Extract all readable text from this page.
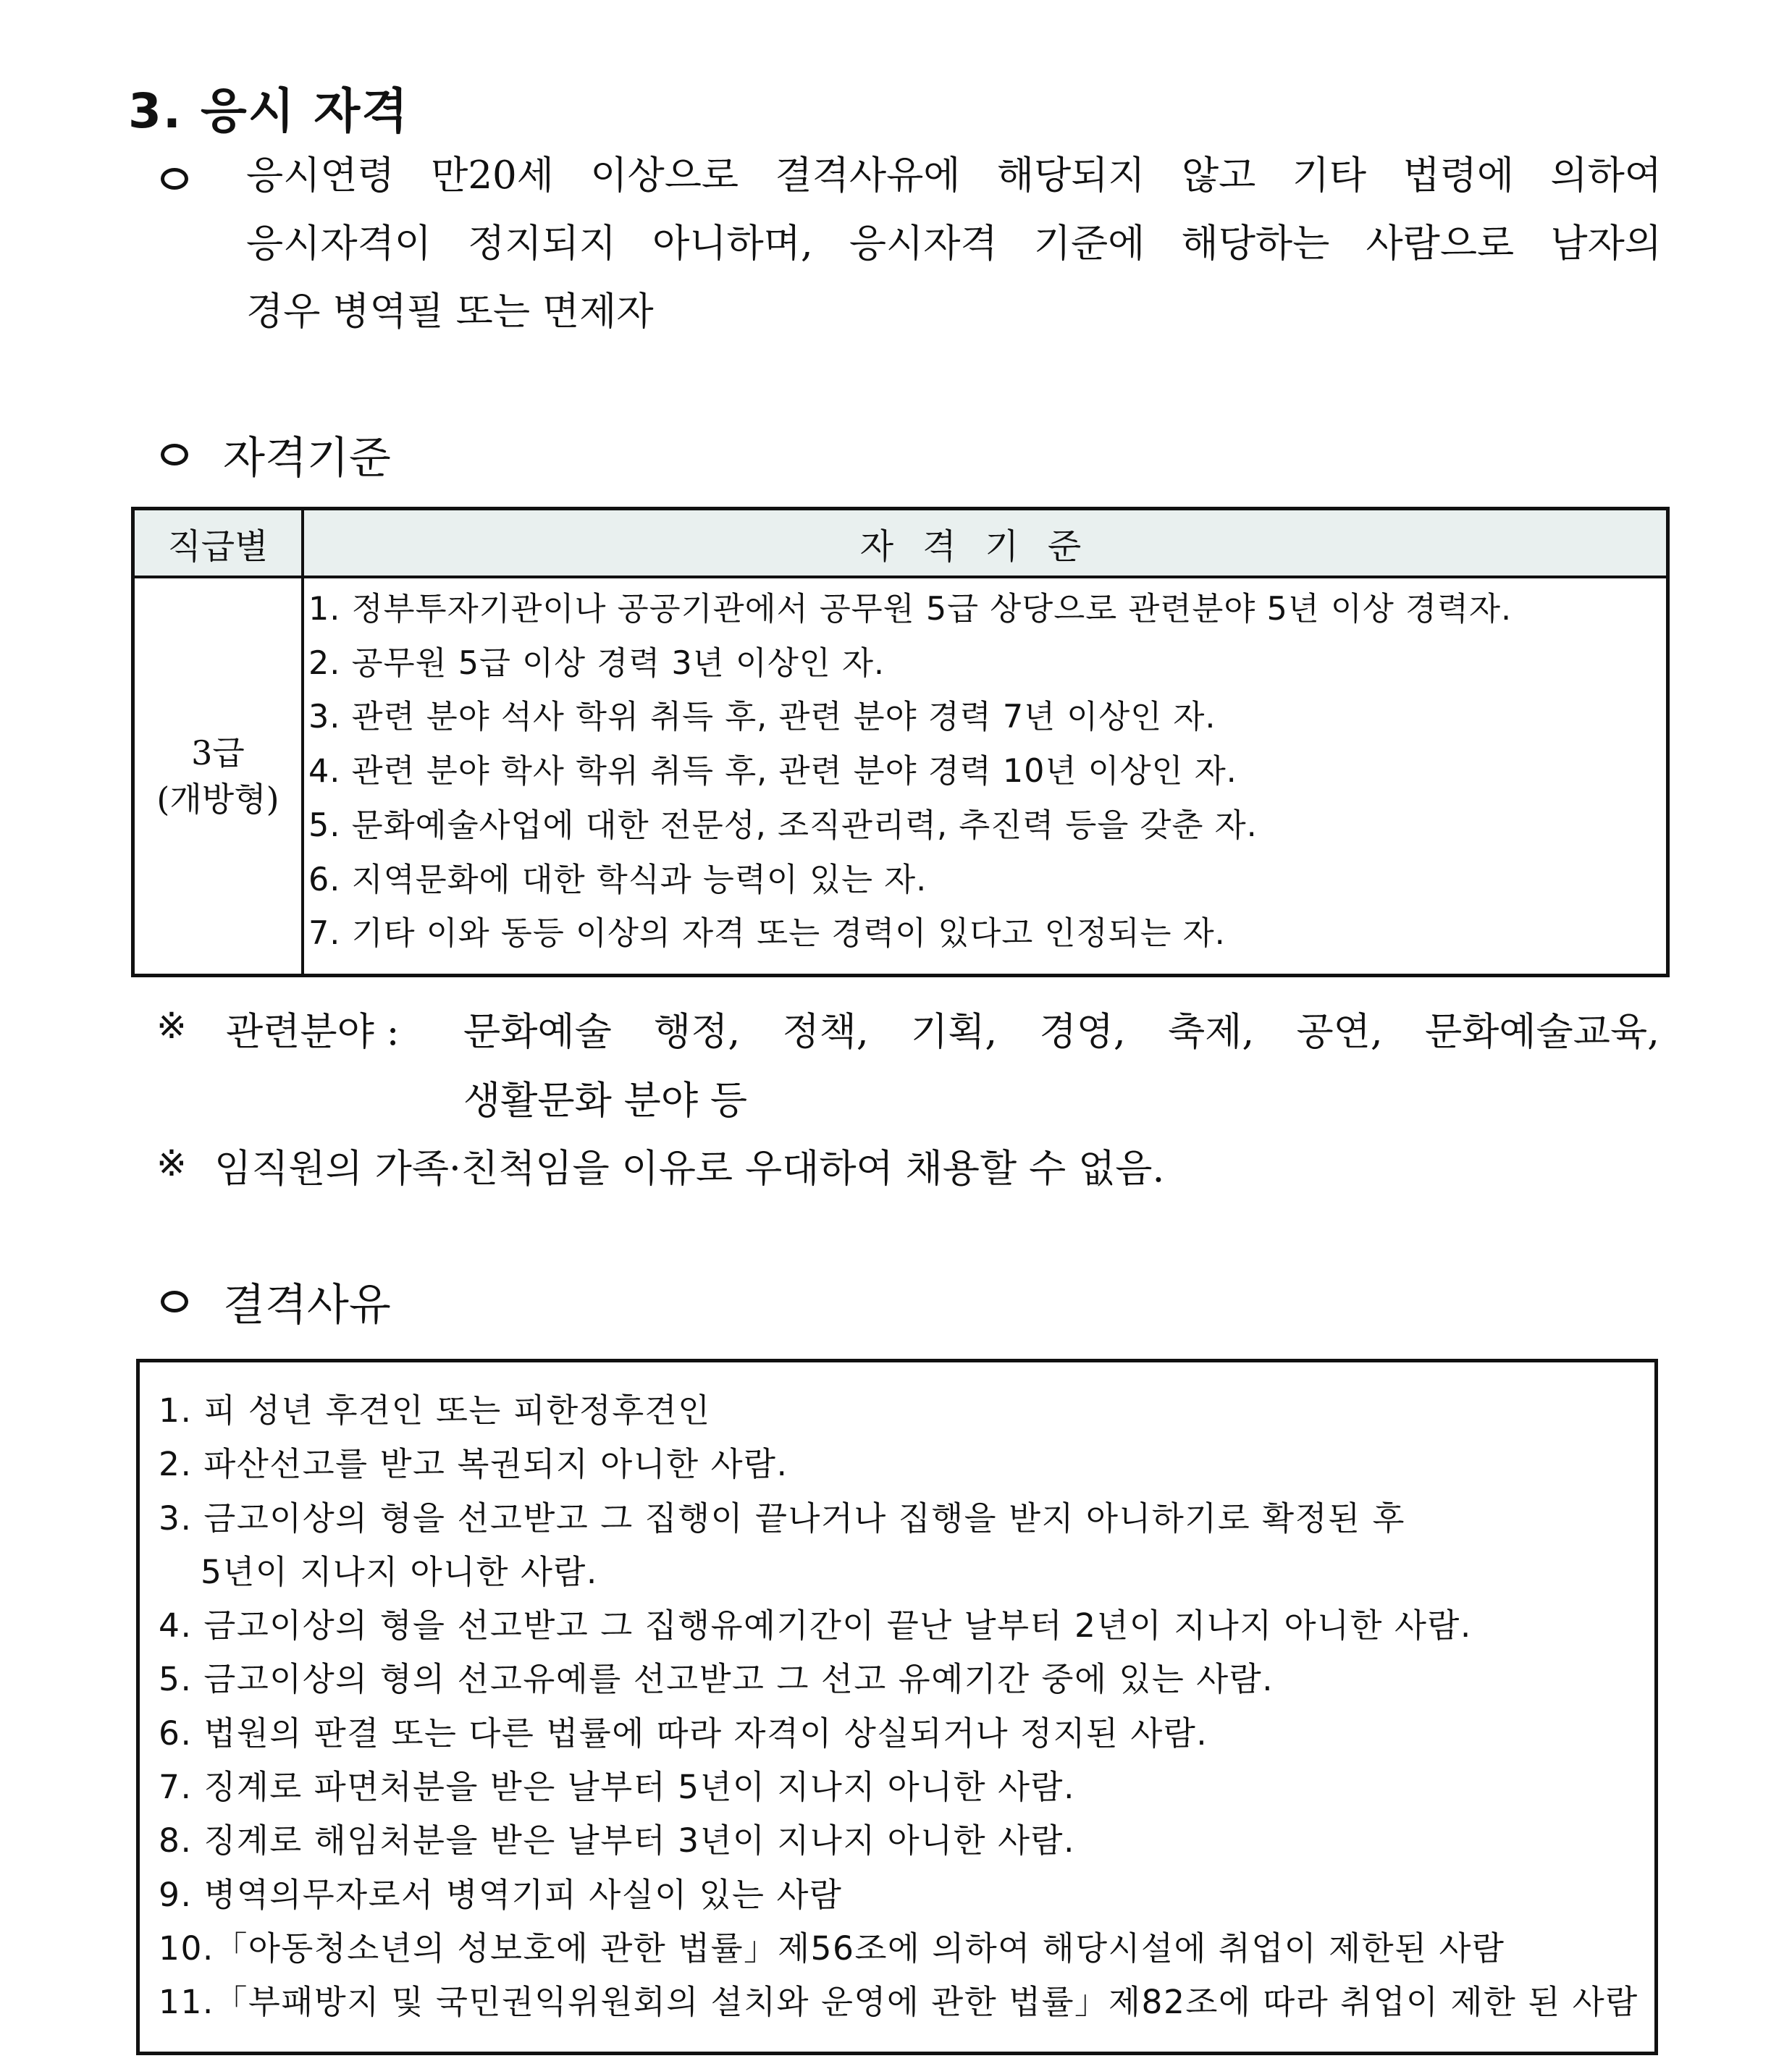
3. 응시 자격
응시연령 만20세 이상으로 결격사유에 해당되지 않고 기타 법령에 의하여
응시자격이 정지되지 아니하며, 응시자격 기준에 해당하는 사람으로 남자의
경우 병역필 또는 면제자
자격기준
직급별	자격기준
3급
(개방형)
1. 정부투자기관이나 공공기관에서 공무원 5급 상당으로 관련분야 5년 이상 경력자.
2. 공무원 5급 이상 경력 3년 이상인 자.
3. 관련 분야 석사 학위 취득 후, 관련 분야 경력 7년 이상인 자.
4. 관련 분야 학사 학위 취득 후, 관련 분야 경력 10년 이상인 자.
5. 문화예술사업에 대한 전문성, 조직관리력, 추진력 등을 갖춘 자.
6. 지역문화에 대한 학식과 능력이 있는 자.
7. 기타 이와 동등 이상의 자격 또는 경력이 있다고 인정되는 자.
※ 관련분야 : 문화예술 행정, 정책, 기획, 경영, 축제, 공연, 문화예술교육,
생활문화 분야 등
※ 임직원의 가족·친척임을 이유로 우대하여 채용할 수 없음.
결격사유
1. 피 성년 후견인 또는 피한정후견인
2. 파산선고를 받고 복권되지 아니한 사람.
3. 금고이상의 형을 선고받고 그 집행이 끝나거나 집행을 받지 아니하기로 확정된 후
5년이 지나지 아니한 사람.
4. 금고이상의 형을 선고받고 그 집행유예기간이 끝난 날부터 2년이 지나지 아니한 사람.
5. 금고이상의 형의 선고유예를 선고받고 그 선고 유예기간 중에 있는 사람.
6. 법원의 판결 또는 다른 법률에 따라 자격이 상실되거나 정지된 사람.
7. 징계로 파면처분을 받은 날부터 5년이 지나지 아니한 사람.
8. 징계로 해임처분을 받은 날부터 3년이 지나지 아니한 사람.
9. 병역의무자로서 병역기피 사실이 있는 사람
10.「아동청소년의 성보호에 관한 법률」제56조에 의하여 해당시설에 취업이 제한된 사람
11.「부패방지 및 국민권익위원회의 설치와 운영에 관한 법률」제82조에 따라 취업이 제한 된 사람
